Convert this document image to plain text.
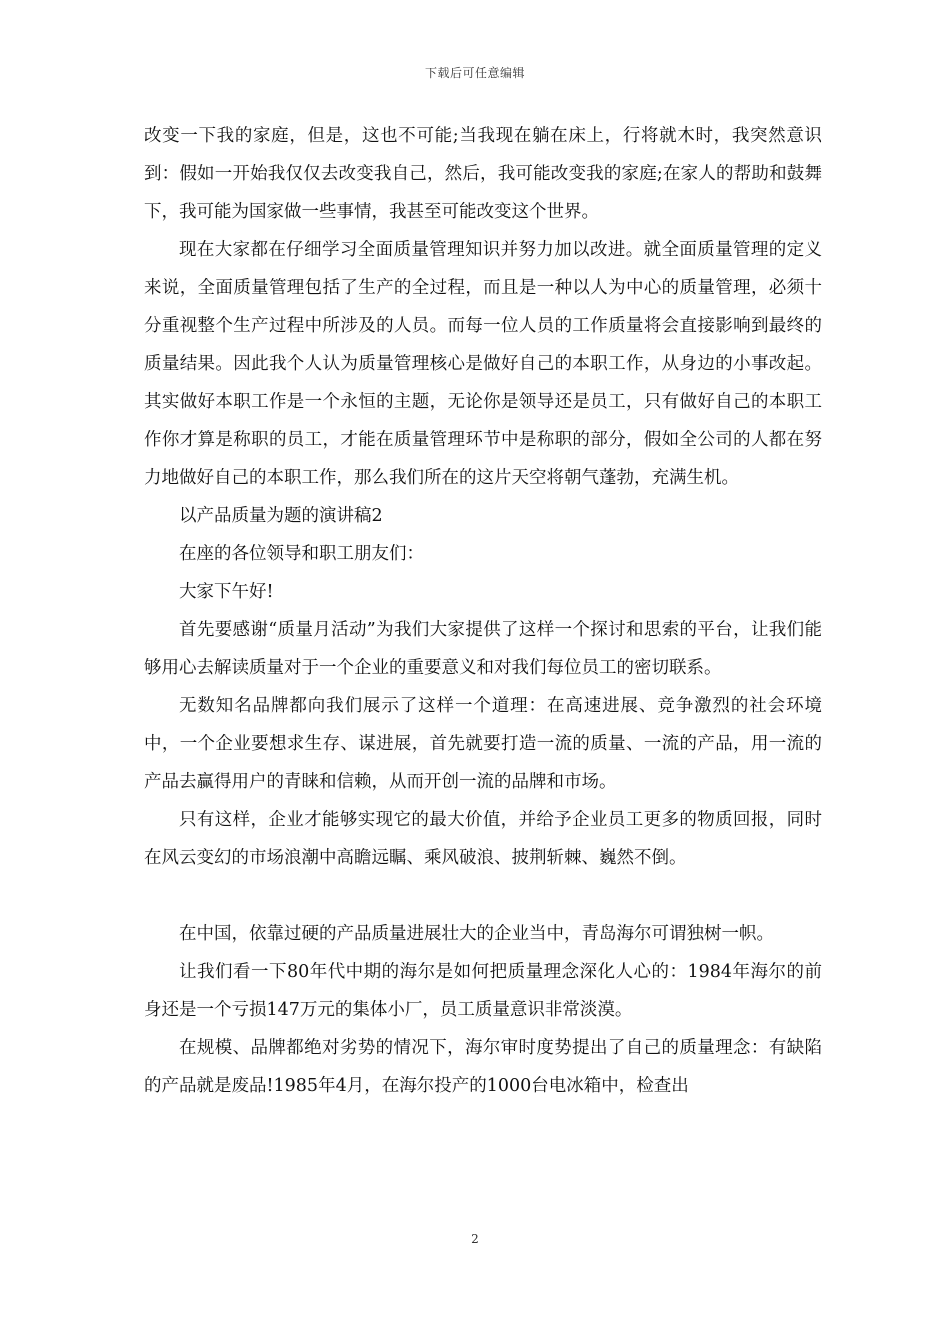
下载后可任意编辑

改变一下我的家庭，但是，这也不可能;当我现在躺在床上，行将就木时，我突然意识到：假如一开始我仅仅去改变我自己，然后，我可能改变我的家庭;在家人的帮助和鼓舞下，我可能为国家做一些事情，我甚至可能改变这个世界。

现在大家都在仔细学习全面质量管理知识并努力加以改进。就全面质量管理的定义来说，全面质量管理包括了生产的全过程，而且是一种以人为中心的质量管理，必须十分重视整个生产过程中所涉及的人员。而每一位人员的工作质量将会直接影响到最终的质量结果。因此我个人认为质量管理核心是做好自己的本职工作，从身边的小事改起。其实做好本职工作是一个永恒的主题，无论你是领导还是员工，只有做好自己的本职工作你才算是称职的员工，才能在质量管理环节中是称职的部分，假如全公司的人都在努力地做好自己的本职工作，那么我们所在的这片天空将朝气蓬勃，充满生机。

以产品质量为题的演讲稿2

在座的各位领导和职工朋友们：

大家下午好!

首先要感谢“质量月活动”为我们大家提供了这样一个探讨和思索的平台，让我们能够用心去解读质量对于一个企业的重要意义和对我们每位员工的密切联系。

无数知名品牌都向我们展示了这样一个道理：在高速进展、竞争激烈的社会环境中，一个企业要想求生存、谋进展，首先就要打造一流的质量、一流的产品，用一流的产品去赢得用户的青睐和信赖，从而开创一流的品牌和市场。

只有这样，企业才能够实现它的最大价值，并给予企业员工更多的物质回报，同时在风云变幻的市场浪潮中高瞻远瞩、乘风破浪、披荆斩棘、巍然不倒。

在中国，依靠过硬的产品质量进展壮大的企业当中，青岛海尔可谓独树一帜。

让我们看一下80年代中期的海尔是如何把质量理念深化人心的：1984年海尔的前身还是一个亏损147万元的集体小厂，员工质量意识非常淡漠。

在规模、品牌都绝对劣势的情况下，海尔审时度势提出了自己的质量理念：有缺陷的产品就是废品!1985年4月，在海尔投产的1000台电冰箱中，检查出

2
